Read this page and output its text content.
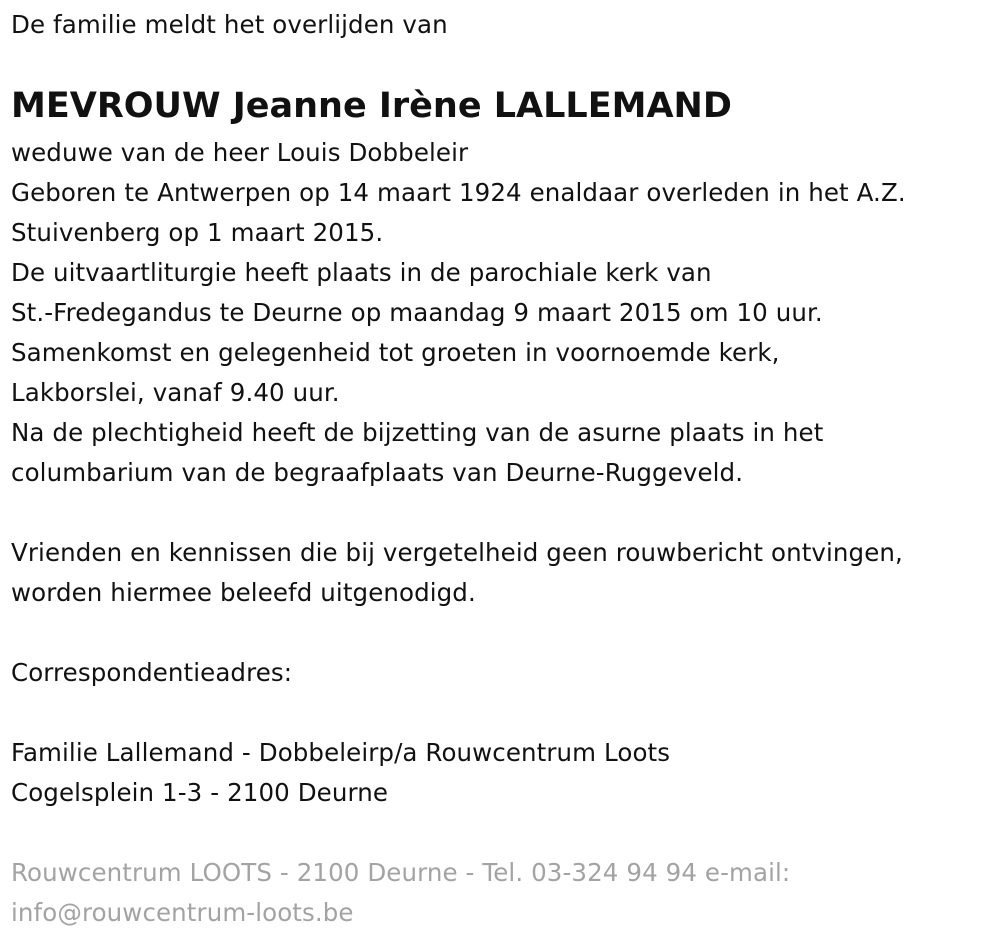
De familie meldt het overlijden van
MEVROUW Jeanne Irène LALLEMAND
weduwe van de heer Louis Dobbeleir
Geboren te Antwerpen op 14 maart 1924 enaldaar overleden in het A.Z.
Stuivenberg op 1 maart 2015.
De uitvaartliturgie heeft plaats in de parochiale kerk van
St.-Fredegandus te Deurne op maandag 9 maart 2015 om 10 uur.
Samenkomst en gelegenheid tot groeten in voornoemde kerk,
Lakborslei, vanaf 9.40 uur.
Na de plechtigheid heeft de bijzetting van de asurne plaats in het
columbarium van de begraafplaats van Deurne-Ruggeveld.
Vrienden en kennissen die bij vergetelheid geen rouwbericht ontvingen,
worden hiermee beleefd uitgenodigd.
Correspondentieadres:
Familie Lallemand - Dobbeleirp/a Rouwcentrum Loots
Cogelsplein 1-3 - 2100 Deurne
Rouwcentrum LOOTS - 2100 Deurne - Tel. 03-324 94 94 e-mail:
info@rouwcentrum-loots.be
